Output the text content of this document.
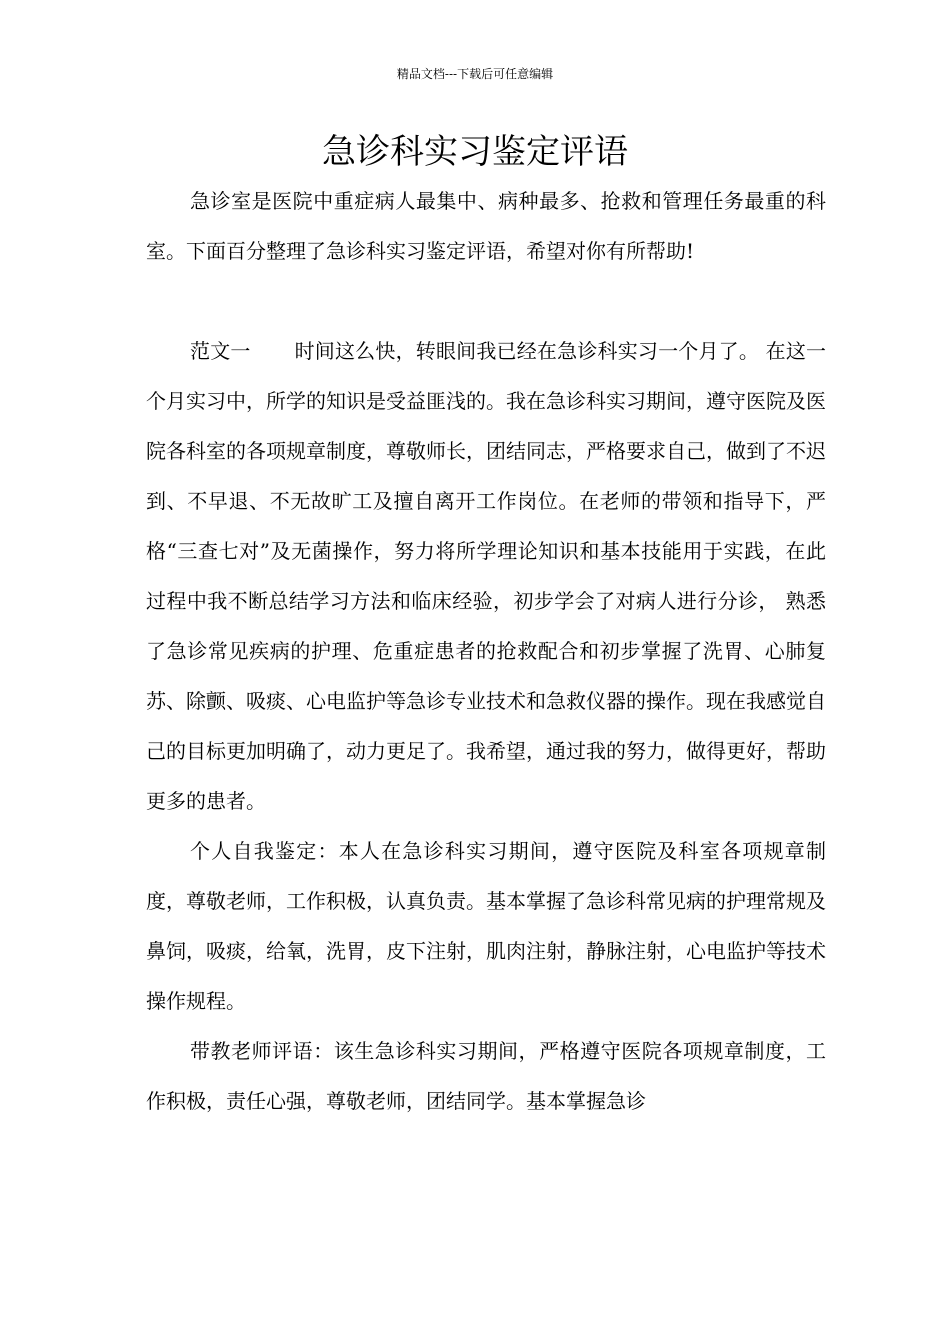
精品文档---下载后可任意编辑
急诊科实习鉴定评语

急诊室是医院中重症病人最集中、病种最多、抢救和管理任务最重的科室。下面百分整理了急诊科实习鉴定评语，希望对你有所帮助!

范文一 时间这么快，转眼间我已经在急诊科实习一个月了。 在这一个月实习中，所学的知识是受益匪浅的。我在急诊科实习期间，遵守医院及医院各科室的各项规章制度，尊敬师长，团结同志，严格要求自己，做到了不迟到、不早退、不无故旷工及擅自离开工作岗位。在老师的带领和指导下，严格“三查七对”及无菌操作，努力将所学理论知识和基本技能用于实践，在此过程中我不断总结学习方法和临床经验，初步学会了对病人进行分诊， 熟悉了急诊常见疾病的护理、危重症患者的抢救配合和初步掌握了洗胃、心肺复苏、除颤、吸痰、心电监护等急诊专业技术和急救仪器的操作。现在我感觉自己的目标更加明确了，动力更足了。我希望，通过我的努力，做得更好，帮助更多的患者。

个人自我鉴定：本人在急诊科实习期间，遵守医院及科室各项规章制度，尊敬老师，工作积极，认真负责。基本掌握了急诊科常见病的护理常规及鼻饲，吸痰，给氧，洗胃，皮下注射，肌肉注射，静脉注射，心电监护等技术操作规程。

带教老师评语：该生急诊科实习期间，严格遵守医院各项规章制度，工作积极，责任心强，尊敬老师，团结同学。基本掌握急诊
